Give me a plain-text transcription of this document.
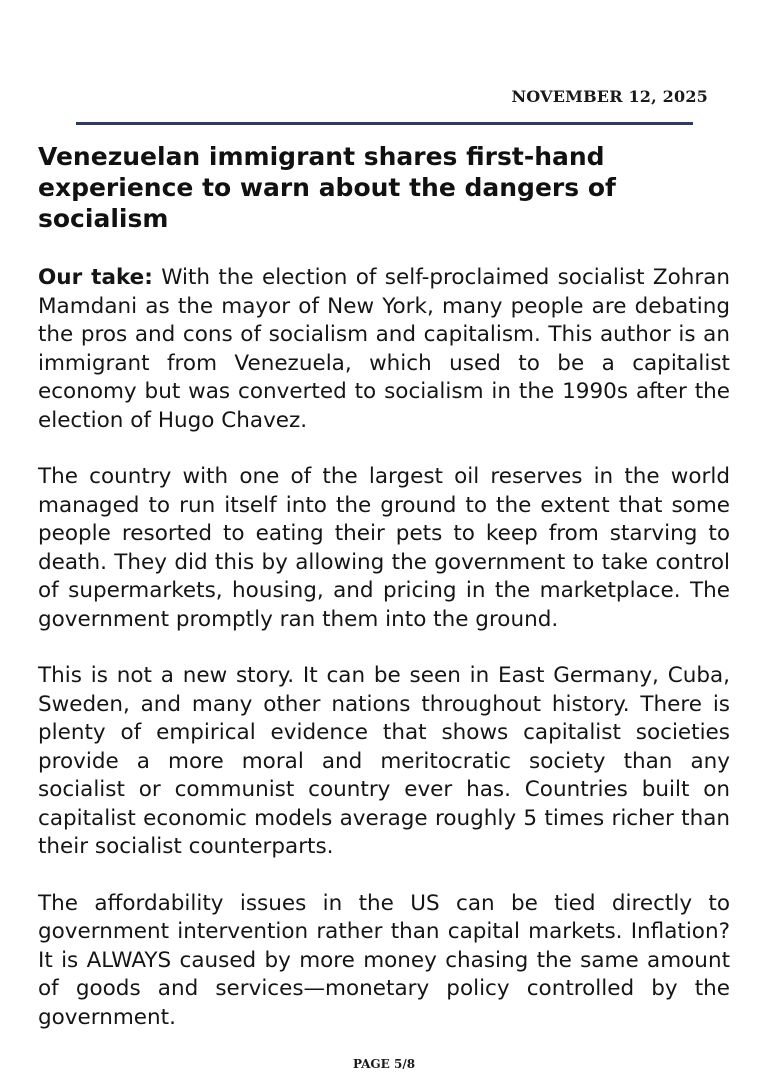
NOVEMBER 12, 2025
Venezuelan immigrant shares first-hand experience to warn about the dangers of socialism

Our take: With the election of self-proclaimed socialist Zohran Mamdani as the mayor of New York, many people are debating the pros and cons of socialism and capitalism. This author is an immigrant from Venezuela, which used to be a capitalist economy but was converted to socialism in the 1990s after the election of Hugo Chavez.

The country with one of the largest oil reserves in the world managed to run itself into the ground to the extent that some people resorted to eating their pets to keep from starving to death. They did this by allowing the government to take control of supermarkets, housing, and pricing in the marketplace. The government promptly ran them into the ground.

This is not a new story. It can be seen in East Germany, Cuba, Sweden, and many other nations throughout history. There is plenty of empirical evidence that shows capitalist societies provide a more moral and meritocratic society than any socialist or communist country ever has. Countries built on capitalist economic models average roughly 5 times richer than their socialist counterparts.

The affordability issues in the US can be tied directly to government intervention rather than capital markets. Inflation? It is ALWAYS caused by more money chasing the same amount of goods and services—monetary policy controlled by the government.

PAGE 5/8
